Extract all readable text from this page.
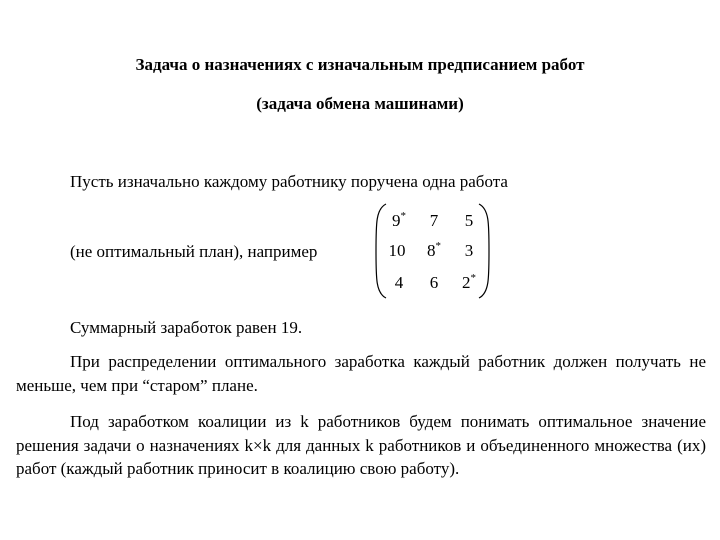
Задача о назначениях с изначальным предписанием работ
(задача обмена машинами)
Пусть изначально каждому работнику поручена одна работа
(не оптимальный план), например
9*	7	5
10	8*	3
4	6	2*
Суммарный заработок равен 19.
При распределении оптимального заработка каждый работник должен получать не меньше, чем при “старом” плане.
Под заработком коалиции из k работников будем понимать оптимальное значение решения задачи о назначениях k×k для данных k работников и объединенного множества (их) работ (каждый работник приносит в коалицию свою работу).
